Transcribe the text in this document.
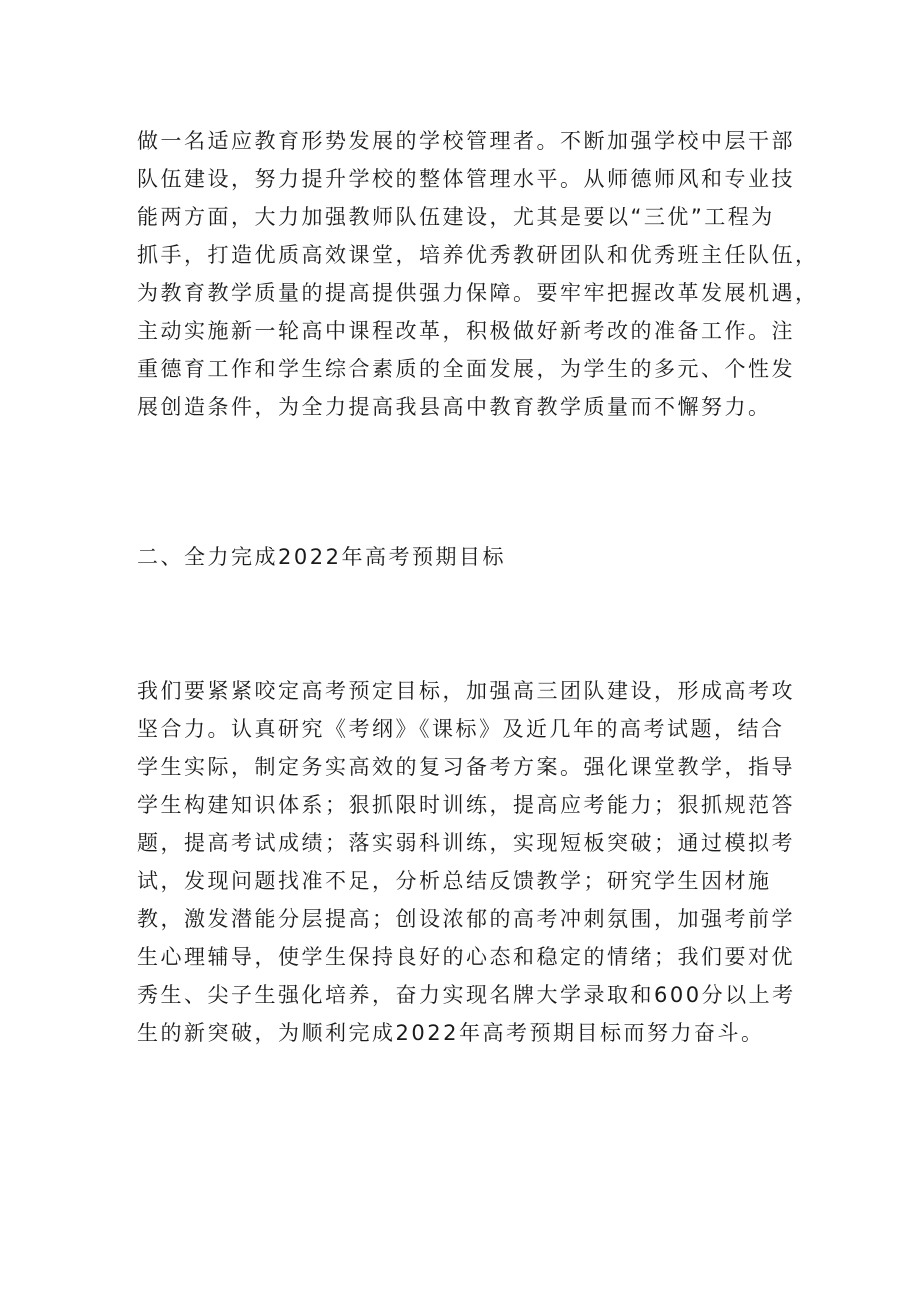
做一名适应教育形势发展的学校管理者。不断加强学校中层干部
队伍建设，努力提升学校的整体管理水平。从师德师风和专业技
能两方面，大力加强教师队伍建设，尤其是要以“三优”工程为
抓手，打造优质高效课堂，培养优秀教研团队和优秀班主任队伍，
为教育教学质量的提高提供强力保障。要牢牢把握改革发展机遇，
主动实施新一轮高中课程改革，积极做好新考改的准备工作。注
重德育工作和学生综合素质的全面发展，为学生的多元、个性发
展创造条件，为全力提高我县高中教育教学质量而不懈努力。
二、全力完成2022年高考预期目标
我们要紧紧咬定高考预定目标，加强高三团队建设，形成高考攻
坚合力。认真研究《考纲》《课标》及近几年的高考试题，结合
学生实际，制定务实高效的复习备考方案。强化课堂教学，指导
学生构建知识体系；狠抓限时训练，提高应考能力；狠抓规范答
题，提高考试成绩；落实弱科训练，实现短板突破；通过模拟考
试，发现问题找准不足，分析总结反馈教学；研究学生因材施
教，激发潜能分层提高；创设浓郁的高考冲刺氛围，加强考前学
生心理辅导，使学生保持良好的心态和稳定的情绪；我们要对优
秀生、尖子生强化培养，奋力实现名牌大学录取和600分以上考
生的新突破，为顺利完成2022年高考预期目标而努力奋斗。
